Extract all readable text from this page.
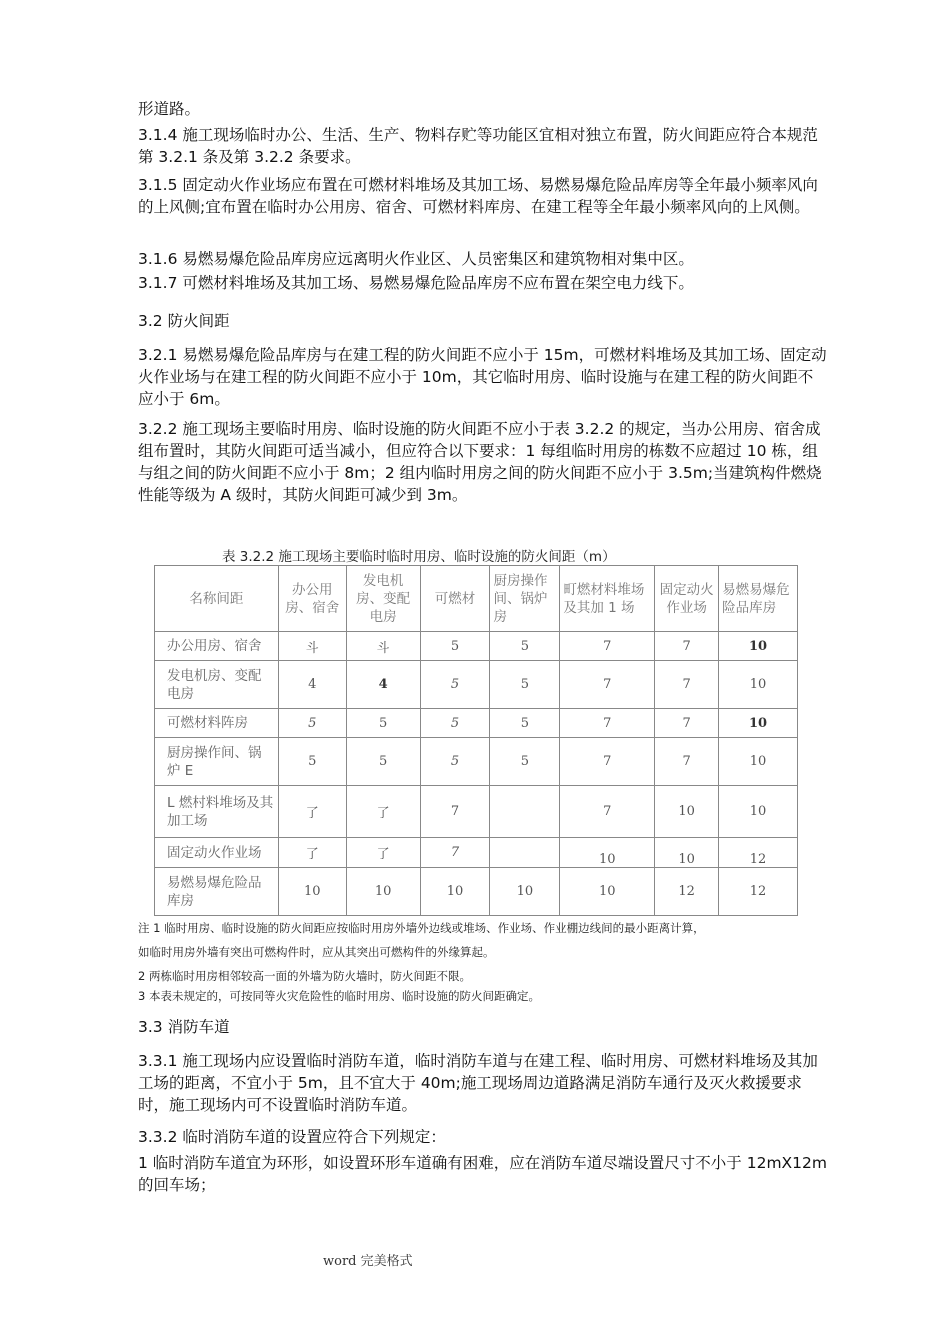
形道路。

3.1.4 施工现场临时办公、生活、生产、物料存贮等功能区宜相对独立布置，防火间距应符合本规范第 3.2.1 条及第 3.2.2 条要求。

3.1.5 固定动火作业场应布置在可燃材料堆场及其加工场、易燃易爆危险品库房等全年最小频率风向的上风侧;宜布置在临时办公用房、宿舍、可燃材料库房、在建工程等全年最小频率风向的上风侧。

3.1.6 易燃易爆危险品库房应远离明火作业区、人员密集区和建筑物相对集中区。

3.1.7 可燃材料堆场及其加工场、易燃易爆危险品库房不应布置在架空电力线下。

3.2 防火间距

3.2.1 易燃易爆危险品库房与在建工程的防火间距不应小于 15m，可燃材料堆场及其加工场、固定动火作业场与在建工程的防火间距不应小于 10m，其它临时用房、临时设施与在建工程的防火间距不应小于 6m。

3.2.2 施工现场主要临时用房、临时设施的防火间距不应小于表 3.2.2 的规定，当办公用房、宿舍成组布置时，其防火间距可适当减小，但应符合以下要求：1 每组临时用房的栋数不应超过 10 栋，组与组之间的防火间距不应小于 8m；2 组内临时用房之间的防火间距不应小于 3.5m;当建筑构件燃烧性能等级为 A 级时，其防火间距可减少到 3m。

表 3.2.2 施工现场主要临时临时用房、临时设施的防火间距（m）
名称间距	办公用房、宿舍	发电机房、变配电房	可燃材	厨房操作间、锅炉房	町燃材料堆场及其加 1 场	固定动火作业场	易燃易爆危险品库房
办公用房、宿舍	斗	斗	5	5	7	7	10
发电机房、变配电房	4	4	5	5	7	7	10
可燃材料阵房	5	5	5	5	7	7	10
厨房操作间、锅炉 E	5	5	5	5	7	7	10
L 燃村料堆场及其加工场	了	了	7		7	10	10
固定动火作业场	了	了	7		10	10	12
易燃易爆危险品库房	10	10	10	10	10	12	12

注 1 临时用房、临时设施的防火间距应按临时用房外墙外边线或堆场、作业场、作业棚边线间的最小距离计算，

如临时用房外墙有突出可燃构件时，应从其突出可燃构件的外缘算起。

2 两栋临时用房相邻较高一面的外墙为防火墙时，防火间距不限。

3 本表未规定的，可按同等火灾危险性的临时用房、临时设施的防火间距确定。

3.3 消防车道

3.3.1 施工现场内应设置临时消防车道，临时消防车道与在建工程、临时用房、可燃材料堆场及其加工场的距离，不宜小于 5m，且不宜大于 40m;施工现场周边道路满足消防车通行及灭火救援要求时，施工现场内可不设置临时消防车道。

3.3.2 临时消防车道的设置应符合下列规定：

1 临时消防车道宜为环形，如设置环形车道确有困难，应在消防车道尽端设置尺寸不小于 12mX12m 的回车场；

word 完美格式
